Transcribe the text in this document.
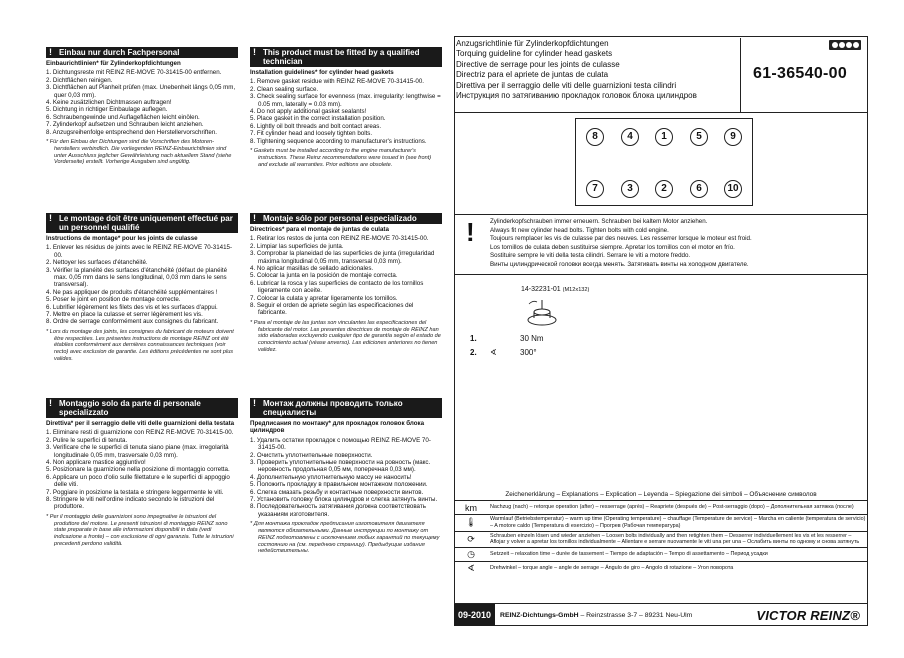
! Einbau nur durch Fachpersonal
Einbaurichtlinien* für Zylinderkopfdichtungen
1. Dichtungsreste mit REINZ RE-MOVE 70-31415-00 entfernen.
2. Dichtflächen reinigen.
3. Dichtflächen auf Planheit prüfen (max. Unebenheit längs 0,05 mm, quer 0,03 mm).
4. Keine zusätzlichen Dichtmassen auftragen!
5. Dichtung in richtiger Einbaulage auflegen.
6. Schraubengewinde und Auflageflächen leicht einölen.
7. Zylinderkopf aufsetzen und Schrauben leicht anziehen.
8. Anzugsreihenfolge entsprechend den Herstellervorschriften.

* Für den Einbau der Dichtungen sind die Vorschriften des Motoren-herstellers verbindlich. Die vorliegenden REINZ-Einbaurichtlinien sind unter Ausschluss jeglicher Gewährleistung nach aktuellem Stand (siehe Vorderseite) erstellt. Vorherige Ausgaben sind ungültig.

! Le montage doit être uniquement effectué par un personnel qualifié
Instructions de montage* pour les joints de culasse
1. Enlever les résidus de joints avec le REINZ RE-MOVE 70-31415-00.
2. Nettoyer les surfaces d'étanchéité.
3. Vérifier la planéité des surfaces d'étanchéité (défaut de planéité max. 0,05 mm dans le sens longitudinal, 0,03 mm dans le sens transversal).
4. Ne pas appliquer de produits d'étanchéité supplémentaires !
5. Poser le joint en position de montage correcte.
6. Lubrifier légèrement les filets des vis et les surfaces d'appui.
7. Mettre en place la culasse et serrer légèrement les vis.
8. Ordre de serrage conformément aux consignes du fabricant.

* Lors du montage des joints, les consignes du fabricant de moteurs doivent être respectées. Les présentes instructions de montage REINZ ont été établies conformément aux dernières connaissances techniques (voir recto) avec exclusion de garantie. Les éditions précédentes ne sont plus valides.

! Montaggio solo da parte di personale specializzato
Direttiva* per il serraggio delle viti delle guarnizioni della testata
1. Eliminare resti di guarnizione con REINZ RE-MOVE 70-31415-00.
2. Pulire le superfici di tenuta.
3. Verificare che le superfici di tenuta siano piane (max. irregolarità longitudinale 0,05 mm, trasversale 0,03 mm).
4. Non applicare mastice aggiuntivo!
5. Posizionare la guarnizione nella posizione di montaggio corretta.
6. Applicare un poco d'olio sulle filettature e le superfici di appoggio delle viti.
7. Poggiare in posizione la testata e stringere leggermente le viti.
8. Stringere le viti nell'ordine indicato secondo le istruzioni del produttore.

* Per il montaggio delle guarnizioni sono impegnative le istruzioni del produttore del motore. Le presenti istruzioni di montaggio REINZ sono state preparate in base alle informazioni disponibili in data (vedi indicazione a fronte) – con esclusione di ogni garanzia. Tutte le istruzioni precedenti perdono validità.

! This product must be fitted by a qualified technician
Installation guidelines* for cylinder head gaskets
1. Remove gasket residue with REINZ RE-MOVE 70-31415-00.
2. Clean sealing surface.
3. Check sealing surface for evenness (max. irregularity: lengthwise = 0.05 mm, laterally = 0.03 mm).
4. Do not apply additional gasket sealants!
5. Place gasket in the correct installation position.
6. Lightly oil bolt threads and bolt contact areas.
7. Fit cylinder head and loosely tighten bolts.
8. Tightening sequence according to manufacturer's instructions.

* Gaskets must be installed according to the engine manufacturer's instructions. These Reinz recommendations were issued in (see front) and exclude all warranties. Prior editions are obsolete.

! Montaje sólo por personal especializado
Directrices* para el montaje de juntas de culata
1. Retirar los restos de junta con REINZ RE-MOVE 70-31415-00.
2. Limpiar las superficies de junta.
3. Comprobar la planeidad de las superficies de junta (irregularidad máxima longitudinal 0,05 mm, transversal 0,03 mm).
4. No aplicar masillas de sellado adicionales.
5. Colocar la junta en la posición de montaje correcta.
6. Lubricar la rosca y las superficies de contacto de los tornillos ligeramente con aceite.
7. Colocar la culata y apretar ligeramente los tornillos.
8. Seguir el orden de apriete según las especificaciones del fabricante.

* Para el montaje de las juntas son vinculantes las especificaciones del fabricante del motor. Las presentes directrices de montaje de REINZ han sido elaboradas excluyendo cualquier tipo de garantía según el estado de conocimiento actual (véase anverso). Las ediciones anteriores no tienen validez.

! Монтаж должны проводить только специалисты
Предписания по монтажу* для прокладок головок блока цилиндров
1. Удалить остатки прокладок с помощью REINZ RE-MOVE 70-31415-00.
2. Очистить уплотнительные поверхности.
3. Проверить уплотнительные поверхности на ровность (макс. неровность продольная 0,05 мм, поперечная 0,03 мм).
4. Дополнительную уплотнительную массу не наносить!
5. Положить прокладку в правильном монтажном положении.
6. Слегка смазать резьбу и контактные поверхности винтов.
7. Установить головку блока цилиндров и слегка затянуть винты.
8. Последовательность затягивания должна соответствовать указаниям изготовителя.

* Для монтажа прокладок предписания изготовителя двигателя являются обязательными. Данные инструкции по монтажу от REINZ подготовлены с исключением любых гарантий по текущему состоянию на (см. переднюю страницу). Предыдущие издания недействительны.

Anzugsrichtlinie für Zylinderkopfdichtungen
Torquing guideline for cylinder head gaskets
Directive de serrage pour les joints de culasse
Directriz para el apriete de juntas de culata
Direttiva per il serraggio delle viti delle guarnizioni testa cilindri
Инструкция по затягиванию прокладок головок блока цилиндров
61-36540-00
8	4	1	5	9
7	3	2	6	10
!	Zylinderkopfschrauben immer erneuern. Schrauben bei kaltem Motor anziehen.
Always fit new cylinder head bolts. Tighten bolts with cold engine.
Toujours remplacer les vis de culasse par des neuves. Les resserrer lorsque le moteur est froid.
Los tornillos de culata deben sustituirse siempre. Apretar los tornillos con el motor en frío.
Sostituire sempre le viti della testa cilindri. Serrare le viti a motore freddo.
Винты цилиндрической головки всегда менять. Затягивать винты на холодном двигателе.
14-32231-01 (M12x132)
1.	30 Nm
2. ∢	300°
Zeichenerklärung – Explanations – Explication – Leyenda – Spiegazione dei simboli – Объяснение символов
km	Nachzug (nach) – retorque operation (after) – resserrage (après) – Reapriete (después de) – Post-serraggio (dopo) – Дополнительная затяжка (после)
🌡	Warmlauf (Betriebstemperatur) – warm up time (Operating temperature) – chauffage (Temperature de service) – Marcha en caliente (temperatura de servicio) – A motore caldo (Temperatura di esercizio) – Прогрев (Рабочая температура)
⟳	Schrauben einzeln lösen und wieder anziehen – Loosen bolts individually and then retighten them – Desserrer individuellement les vis et les resserrer – Aflojar y volver a apretar los tornillos individualmente – Allentare e serrare nuovamente le viti una per una – Ослабить винты по одному и снова затянуть
◷	Setzzeit – relaxation time – durée de tassement – Tiempo de adaptación – Tempo di assettamento – Период усадки
∢	Drehwinkel – torque angle – angle de serrage – Ángulo de giro – Angolo di rotazione – Угол поворота
09-2010	REINZ-Dichtungs-GmbH – Reinzstrasse 3-7 – 89231 Neu-Ulm	VICTOR REINZ®
